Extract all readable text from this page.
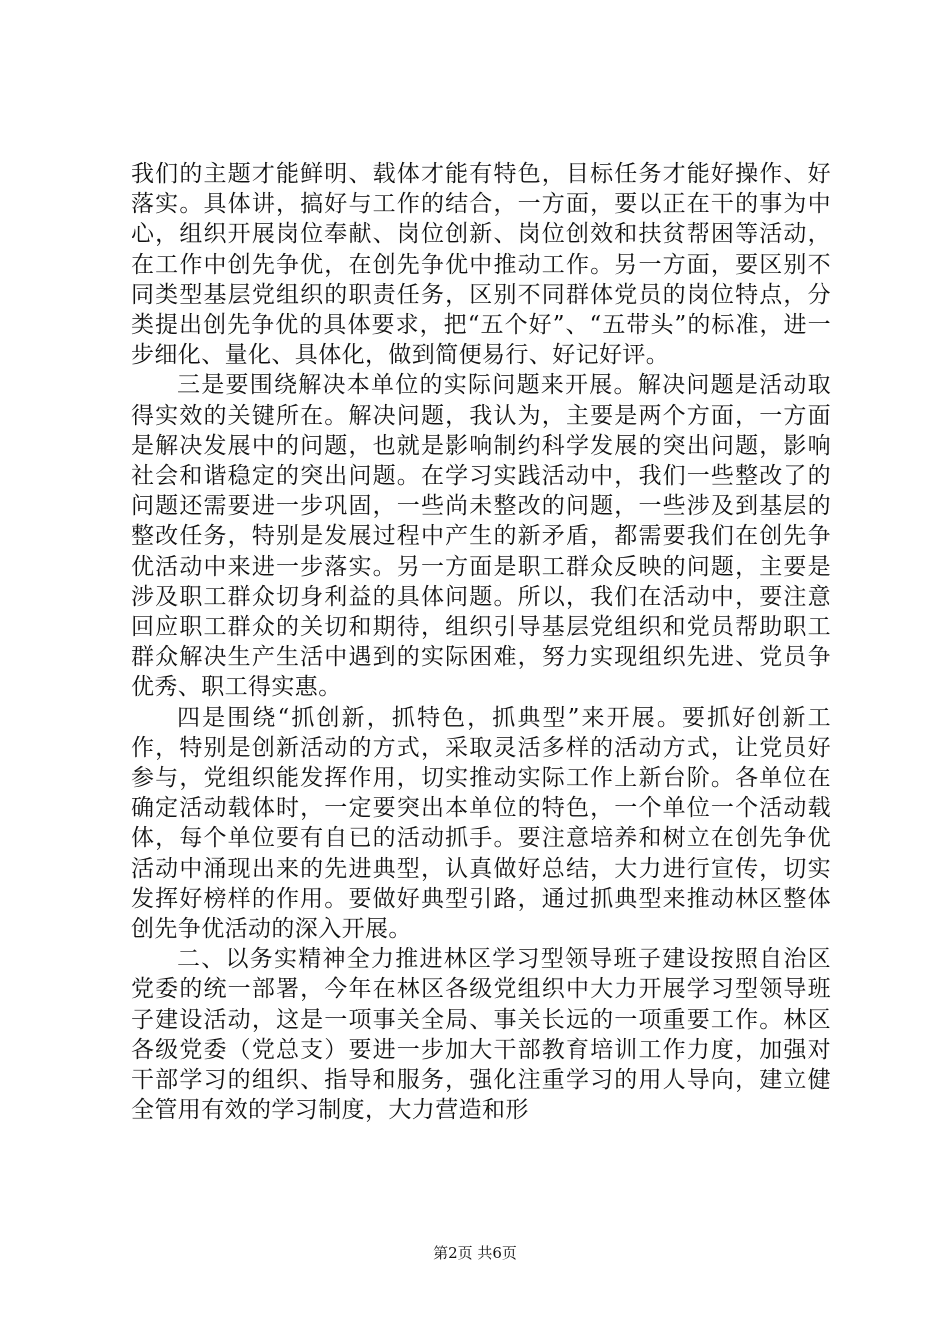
我们的主题才能鲜明、载体才能有特色，目标任务才能好操作、好落实。具体讲，搞好与工作的结合，一方面，要以正在干的事为中心，组织开展岗位奉献、岗位创新、岗位创效和扶贫帮困等活动，在工作中创先争优，在创先争优中推动工作。另一方面，要区别不同类型基层党组织的职责任务，区别不同群体党员的岗位特点，分类提出创先争优的具体要求，把“五个好”、“五带头”的标准，进一步细化、量化、具体化，做到简便易行、好记好评。

三是要围绕解决本单位的实际问题来开展。解决问题是活动取得实效的关键所在。解决问题，我认为，主要是两个方面，一方面是解决发展中的问题，也就是影响制约科学发展的突出问题，影响社会和谐稳定的突出问题。在学习实践活动中，我们一些整改了的问题还需要进一步巩固，一些尚未整改的问题，一些涉及到基层的整改任务，特别是发展过程中产生的新矛盾，都需要我们在创先争优活动中来进一步落实。另一方面是职工群众反映的问题，主要是涉及职工群众切身利益的具体问题。所以，我们在活动中，要注意回应职工群众的关切和期待，组织引导基层党组织和党员帮助职工群众解决生产生活中遇到的实际困难，努力实现组织先进、党员争优秀、职工得实惠。

四是围绕“抓创新，抓特色，抓典型”来开展。要抓好创新工作，特别是创新活动的方式，采取灵活多样的活动方式，让党员好参与，党组织能发挥作用，切实推动实际工作上新台阶。各单位在确定活动载体时，一定要突出本单位的特色，一个单位一个活动载体，每个单位要有自已的活动抓手。要注意培养和树立在创先争优活动中涌现出来的先进典型，认真做好总结，大力进行宣传，切实发挥好榜样的作用。要做好典型引路，通过抓典型来推动林区整体创先争优活动的深入开展。

二、以务实精神全力推进林区学习型领导班子建设按照自治区党委的统一部署，今年在林区各级党组织中大力开展学习型领导班子建设活动，这是一项事关全局、事关长远的一项重要工作。林区各级党委（党总支）要进一步加大干部教育培训工作力度，加强对干部学习的组织、指导和服务，强化注重学习的用人导向，建立健全管用有效的学习制度，大力营造和形

第2页 共6页
